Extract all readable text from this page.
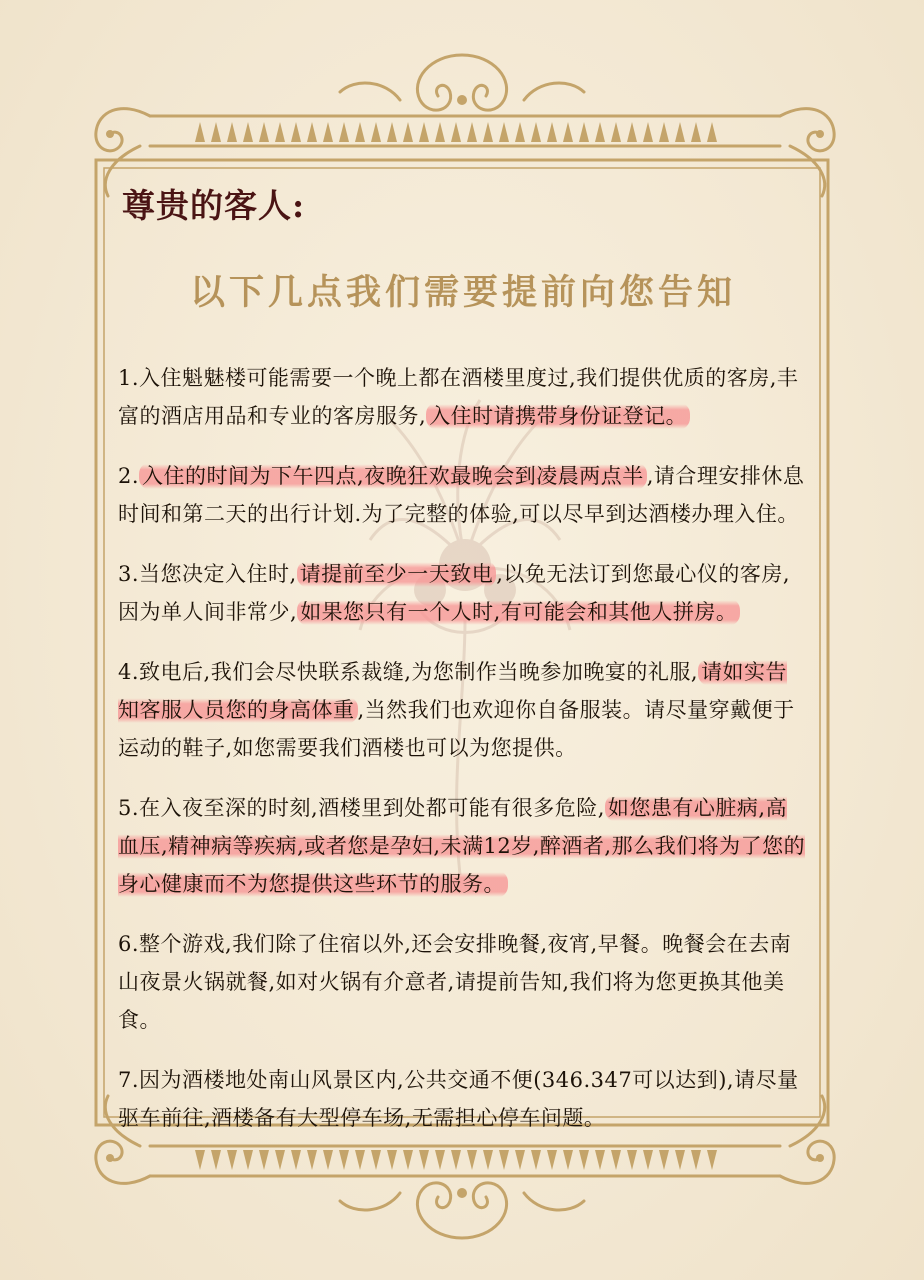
尊贵的客人:
以下几点我们需要提前向您告知

1.入住魁魅楼可能需要一个晚上都在酒楼里度过,我们提供优质的客房,丰富的酒店用品和专业的客房服务, 入住时请携带身份证登记。

2. 入住的时间为下午四点,夜晚狂欢最晚会到凌晨两点半 ,请合理安排休息时间和第二天的出行计划.为了完整的体验,可以尽早到达酒楼办理入住。

3.当您决定入住时, 请提前至少一天致电 ,以免无法订到您最心仪的客房,因为单人间非常少, 如果您只有一个人时,有可能会和其他人拼房。

4.致电后,我们会尽快联系裁缝,为您制作当晚参加晚宴的礼服, 请如实告知客服人员您的身高体重 ,当然我们也欢迎你自备服装。请尽量穿戴便于运动的鞋子,如您需要我们酒楼也可以为您提供。

5.在入夜至深的时刻,酒楼里到处都可能有很多危险, 如您患有心脏病,高血压,精神病等疾病,或者您是孕妇,未满12岁,醉酒者,那么我们将为了您的身心健康而不为您提供这些环节的服务。

6.整个游戏,我们除了住宿以外,还会安排晚餐,夜宵,早餐。晚餐会在去南山夜景火锅就餐,如对火锅有介意者,请提前告知,我们将为您更换其他美食。

7.因为酒楼地处南山风景区内,公共交通不便(346.347可以达到),请尽量驱车前往,酒楼备有大型停车场,无需担心停车问题。
